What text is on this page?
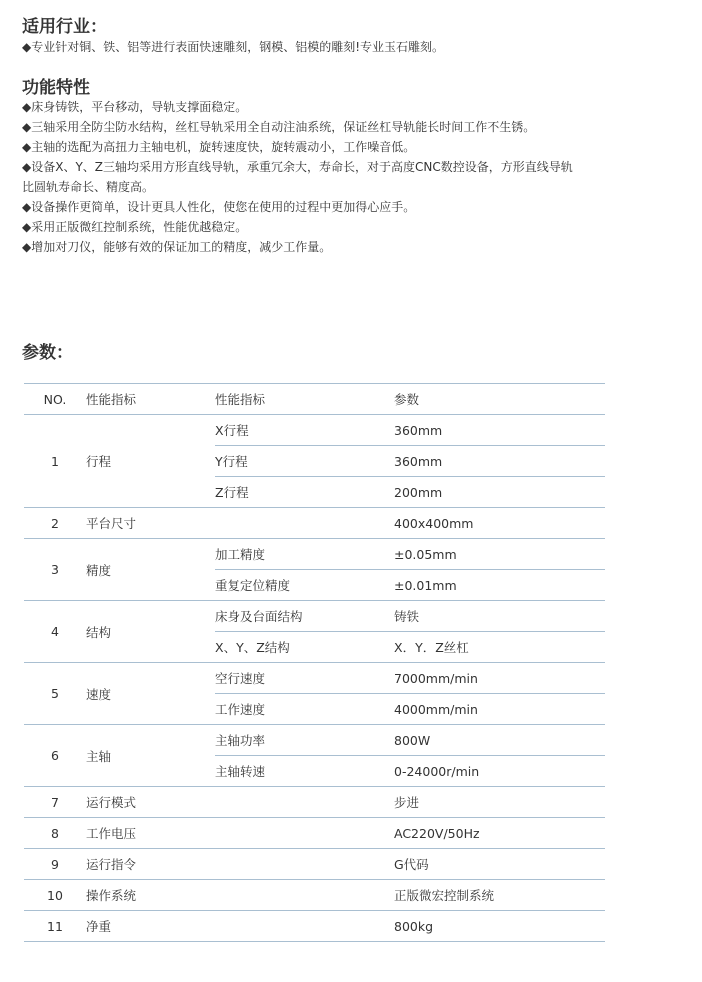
适用行业：
◆专业针对铜、铁、铝等进行表面快速雕刻，钢模、铝模的雕刻!专业玉石雕刻。
功能特性
◆床身铸铁，平台移动，导轨支撑面稳定。
◆三轴采用全防尘防水结构，丝杠导轨采用全自动注油系统，保证丝杠导轨能长时间工作不生锈。
◆主轴的选配为高扭力主轴电机，旋转速度快，旋转震动小，工作噪音低。
◆设备X、Y、Z三轴均采用方形直线导轨，承重冗余大，寿命长，对于高度CNC数控设备，方形直线导轨
比圆轨寿命长、精度高。
◆设备操作更简单，设计更具人性化，使您在使用的过程中更加得心应手。
◆采用正版微红控制系统，性能优越稳定。
◆增加对刀仪，能够有效的保证加工的精度，减少工作量。
参数：
NO.	性能指标	性能指标	参数
1	行程	X行程	360mm
		Y行程	360mm
		Z行程	200mm
2	平台尺寸		400x400mm
3	精度	加工精度	±0.05mm
		重复定位精度	±0.01mm
4	结构	床身及台面结构	铸铁
		X、Y、Z结构	X．Y．Z丝杠
5	速度	空行速度	7000mm/min
		工作速度	4000mm/min
6	主轴	主轴功率	800W
		主轴转速	0-24000r/min
7	运行模式		步进
8	工作电压		AC220V/50Hz
9	运行指令		G代码
10	操作系统		正版微宏控制系统
11	净重		800kg
